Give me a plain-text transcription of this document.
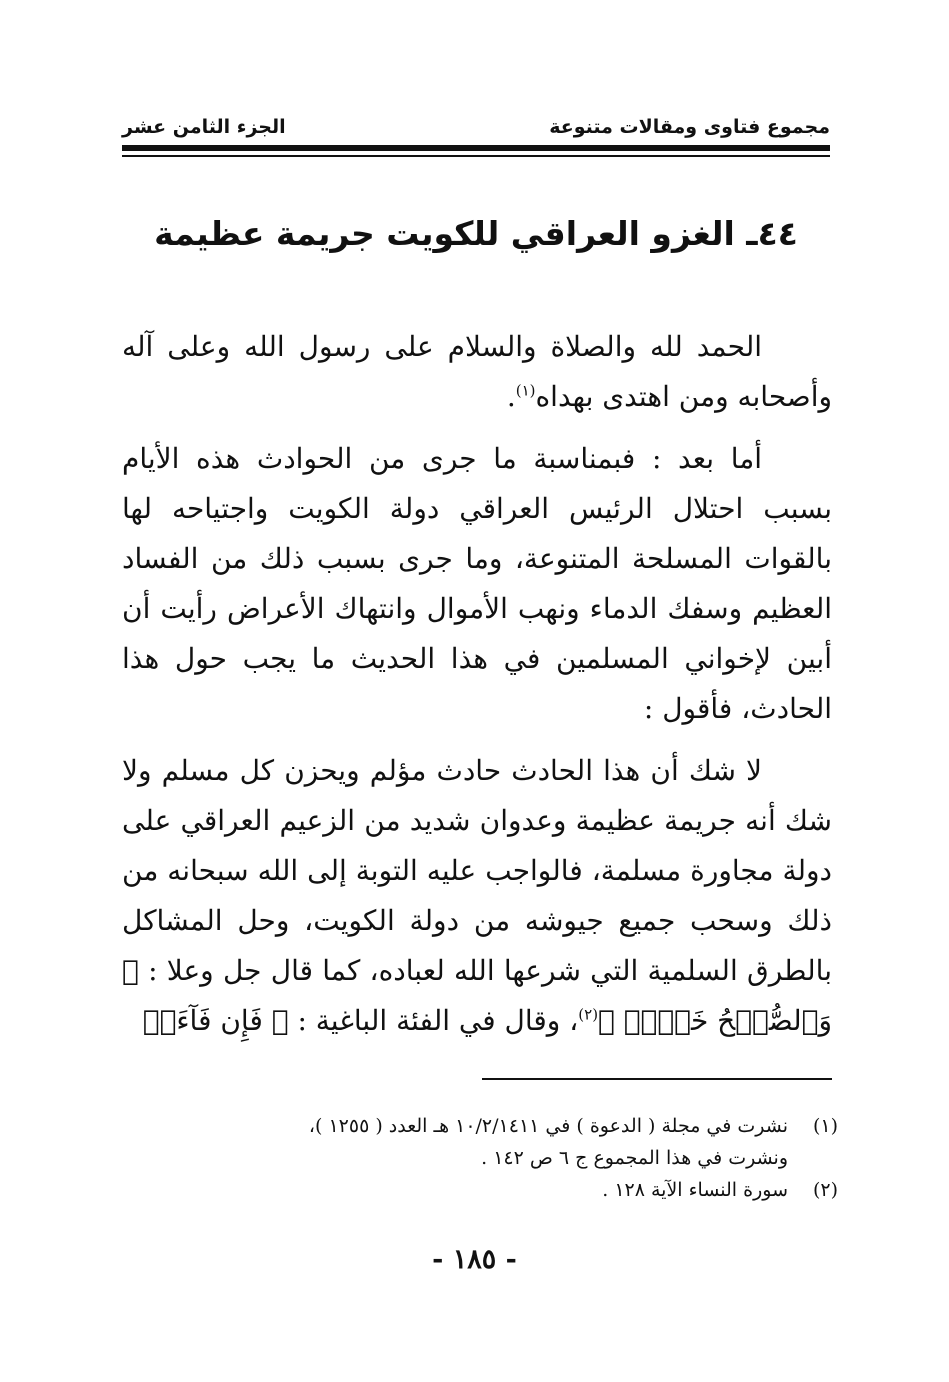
مجموع فتاوى ومقالات متنوعة
الجزء الثامن عشر
٤٤ـ الغزو العراقي للكويت جريمة عظيمة

الحمد لله والصلاة والسلام على رسول الله وعلى آله وأصحابه ومن اهتدى بهداه$^{(١)}$.

أما بعد : فبمناسبة ما جرى من الحوادث هذه الأيام بسبب احتلال الرئيس العراقي دولة الكويت واجتياحه لها بالقوات المسلحة المتنوعة، وما جرى بسبب ذلك من الفساد العظيم وسفك الدماء ونهب الأموال وانتهاك الأعراض رأيت أن أبين لإخواني المسلمين في هذا الحديث ما يجب حول هذا الحادث، فأقول :

لا شك أن هذا الحادث حادث مؤلم ويحزن كل مسلم ولا شك أنه جريمة عظيمة وعدوان شديد من الزعيم العراقي على دولة مجاورة مسلمة، فالواجب عليه التوبة إلى الله سبحانه من ذلك وسحب جميع جيوشه من دولة الكويت، وحل المشاكل بالطرق السلمية التي شرعها الله لعباده، كما قال جل وعلا : ﴿ وَٱلصُّلۡحُ خَيۡرٞ ﴾$^{(٢)}$، وقال في الفئة الباغية : ﴿ فَإِن فَآءَتۡ

(١)
نشرت في مجلة ( الدعوة ) في ١٠/٢/١٤١١ هـ العدد ( ١٢٥٥ )،
ونشرت في هذا المجموع ج ٦ ص ١٤٢ .
(٢)
سورة النساء الآية ١٢٨ .
- ١٨٥ -
